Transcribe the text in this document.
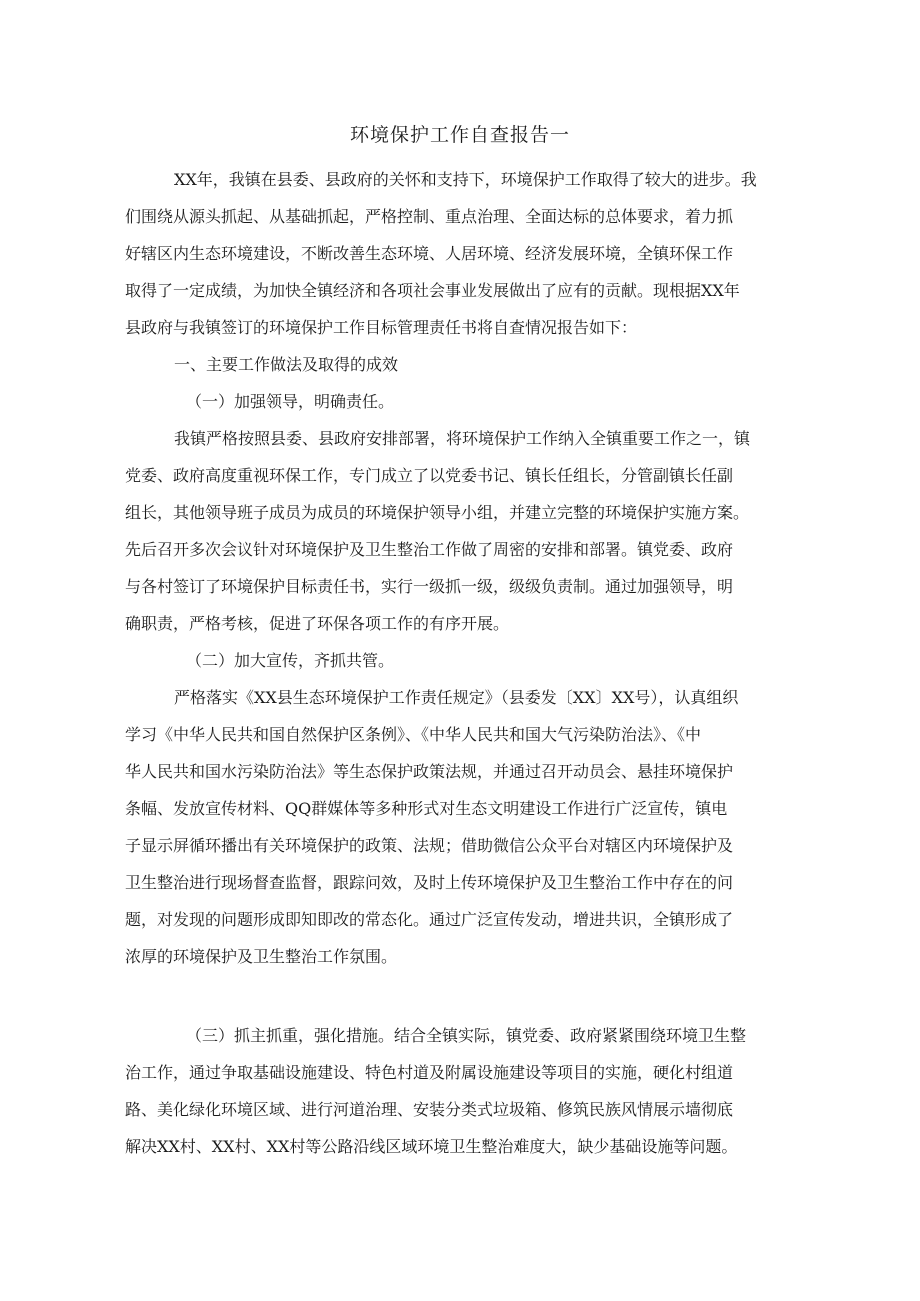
环境保护工作自查报告一
XX年，我镇在县委、县政府的关怀和支持下，环境保护工作取得了较大的进步。我
们围绕从源头抓起、从基础抓起，严格控制、重点治理、全面达标的总体要求，着力抓
好辖区内生态环境建设，不断改善生态环境、人居环境、经济发展环境，全镇环保工作
取得了一定成绩，为加快全镇经济和各项社会事业发展做出了应有的贡献。现根据XX年
县政府与我镇签订的环境保护工作目标管理责任书将自查情况报告如下：
一、主要工作做法及取得的成效
（一）加强领导，明确责任。
我镇严格按照县委、县政府安排部署，将环境保护工作纳入全镇重要工作之一，镇
党委、政府高度重视环保工作，专门成立了以党委书记、镇长任组长，分管副镇长任副
组长，其他领导班子成员为成员的环境保护领导小组，并建立完整的环境保护实施方案。
先后召开多次会议针对环境保护及卫生整治工作做了周密的安排和部署。镇党委、政府
与各村签订了环境保护目标责任书，实行一级抓一级，级级负责制。通过加强领导，明
确职责，严格考核，促进了环保各项工作的有序开展。
（二）加大宣传，齐抓共管。
严格落实《XX县生态环境保护工作责任规定》（县委发〔XX〕XX号），认真组织
学习《中华人民共和国自然保护区条例》、《中华人民共和国大气污染防治法》、《中
华人民共和国水污染防治法》等生态保护政策法规，并通过召开动员会、悬挂环境保护
条幅、发放宣传材料、QQ群媒体等多种形式对生态文明建设工作进行广泛宣传，镇电
子显示屏循环播出有关环境保护的政策、法规；借助微信公众平台对辖区内环境保护及
卫生整治进行现场督查监督，跟踪问效，及时上传环境保护及卫生整治工作中存在的问
题，对发现的问题形成即知即改的常态化。通过广泛宣传发动，增进共识，全镇形成了
浓厚的环境保护及卫生整治工作氛围。
（三）抓主抓重，强化措施。结合全镇实际，镇党委、政府紧紧围绕环境卫生整
治工作，通过争取基础设施建设、特色村道及附属设施建设等项目的实施，硬化村组道
路、美化绿化环境区域、进行河道治理、安装分类式垃圾箱、修筑民族风情展示墙彻底
解决XX村、XX村、XX村等公路沿线区域环境卫生整治难度大，缺少基础设施等问题。
